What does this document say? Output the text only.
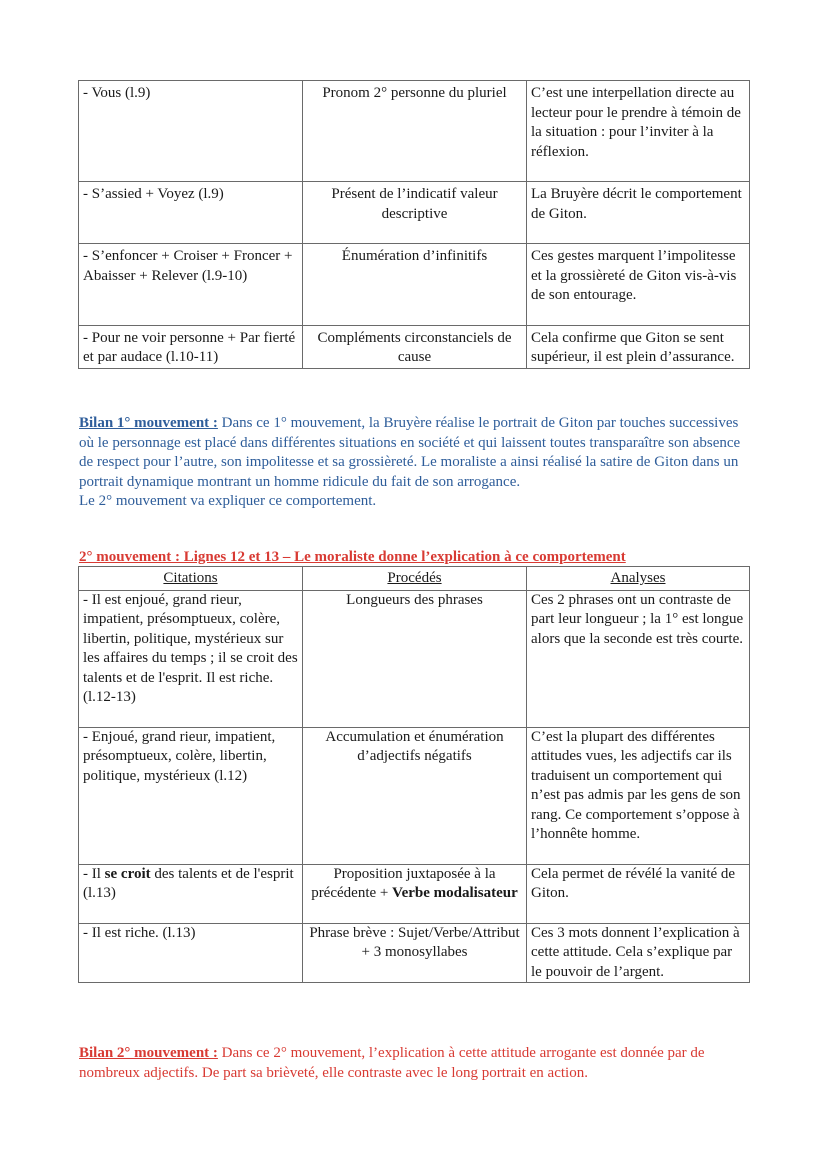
- Vous (l.9)	Pronom 2° personne du pluriel	C’est une interpellation directe au lecteur pour le prendre à témoin de la situation : pour l’inviter à la réflexion.

- S’assied + Voyez (l.9)	Présent de l’indicatif valeur descriptive	La Bruyère décrit le comportement de Giton.

- S’enfoncer + Croiser + Froncer + Abaisser + Relever (l.9-10)	Énumération d’infinitifs	Ces gestes marquent l’impolitesse et la grossièreté de Giton vis-à-vis de son entourage.

- Pour ne voir personne + Par fierté et par audace (l.10-11)	Compléments circonstanciels de cause	Cela confirme que Giton se sent supérieur, il est plein d’assurance.

Bilan 1° mouvement : Dans ce 1° mouvement, la Bruyère réalise le portrait de Giton par touches successives où le personnage est placé dans différentes situations en société et qui laissent toutes transparaître son absence de respect pour l’autre, son impolitesse et sa grossièreté. Le moraliste a ainsi réalisé la satire de Giton dans un portrait dynamique montrant un homme ridicule du fait de son arrogance.
Le 2° mouvement va expliquer ce comportement.

2° mouvement : Lignes 12 et 13 – Le moraliste donne l’explication à ce comportement

Citations	Procédés	Analyses
- Il est enjoué, grand rieur, impatient, présomptueux, colère, libertin, politique, mystérieux sur les affaires du temps ; il se croit des talents et de l'esprit. Il est riche. (l.12-13)	Longueurs des phrases	Ces 2 phrases ont un contraste de part leur longueur ; la 1° est longue alors que la seconde est très courte.
- Enjoué, grand rieur, impatient, présomptueux, colère, libertin, politique, mystérieux (l.12)	Accumulation et énumération d’adjectifs négatifs	C’est la plupart des différentes attitudes vues, les adjectifs car ils traduisent un comportement qui n’est pas admis par les gens de son rang. Ce comportement s’oppose à l’honnête homme.

- Il se croit des talents et de l'esprit (l.13)	Proposition juxtaposée à la précédente + Verbe modalisateur	Cela permet de révélé la vanité de Giton.
- Il est riche. (l.13)	Phrase brève : Sujet/Verbe/Attribut + 3 monosyllabes	Ces 3 mots donnent l’explication à cette attitude. Cela s’explique par le pouvoir de l’argent.

Bilan 2° mouvement : Dans ce 2° mouvement, l’explication à cette attitude arrogante est donnée par de nombreux adjectifs. De part sa brièveté, elle contraste avec le long portrait en action.
